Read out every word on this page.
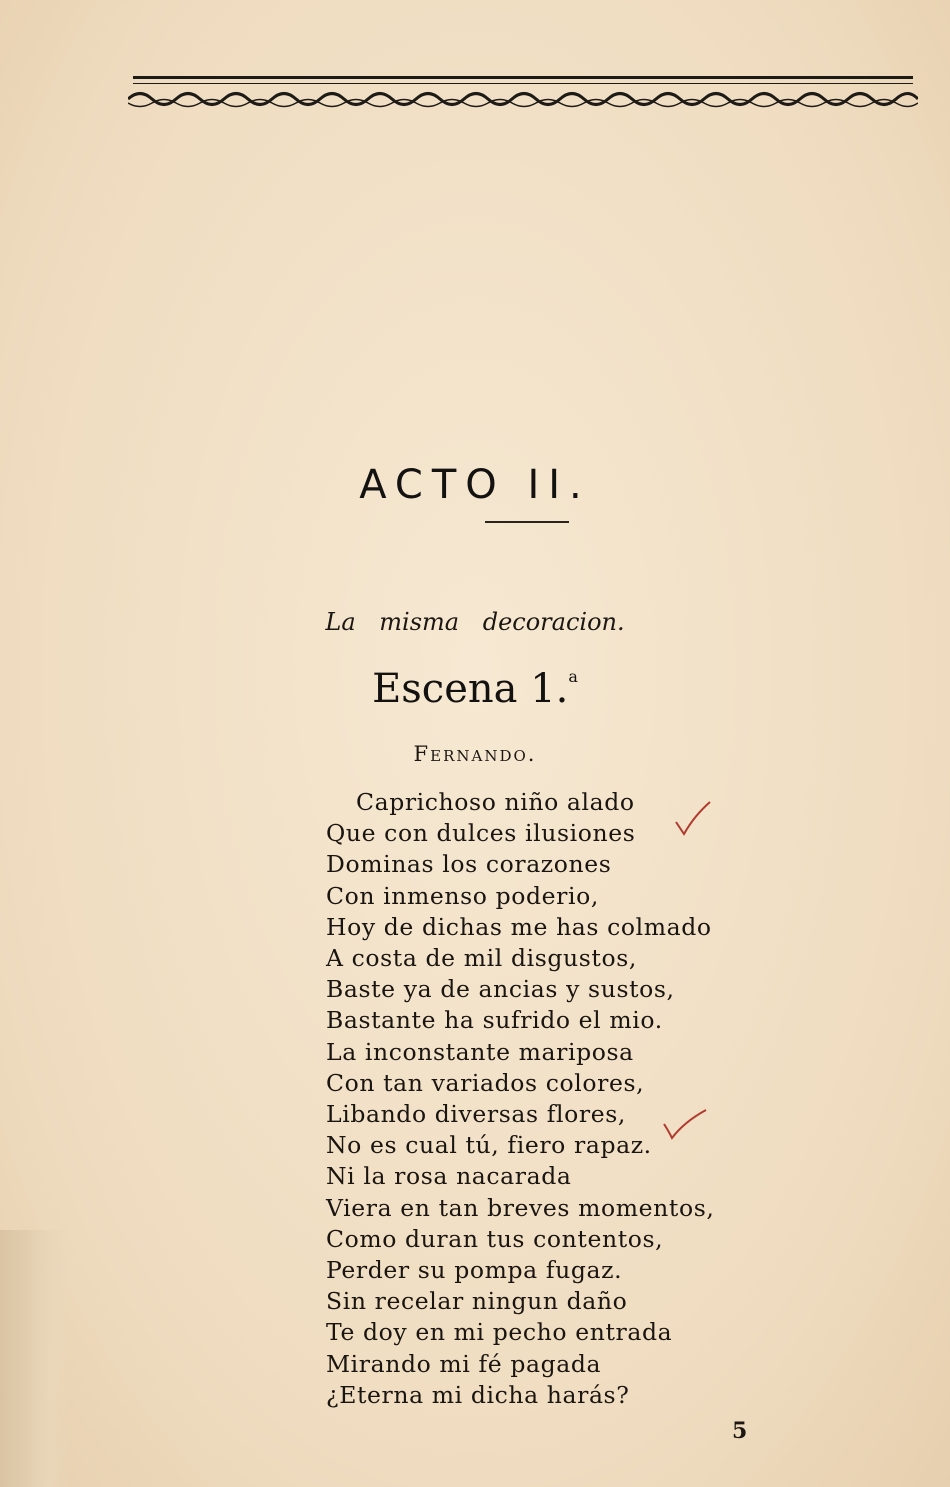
ACTO II.
La misma decoracion.
Escena 1.$^a$
Fernando.
Caprichoso niño alado
Que con dulces ilusiones
Dominas los corazones
Con inmenso poderio,
Hoy de dichas me has colmado
A costa de mil disgustos,
Baste ya de ancias y sustos,
Bastante ha sufrido el mio.
La inconstante mariposa
Con tan variados colores,
Libando diversas flores,
No es cual tú, fiero rapaz.
Ni la rosa nacarada
Viera en tan breves momentos,
Como duran tus contentos,
Perder su pompa fugaz.
Sin recelar ningun daño
Te doy en mi pecho entrada
Mirando mi fé pagada
¿Eterna mi dicha harás?
5
